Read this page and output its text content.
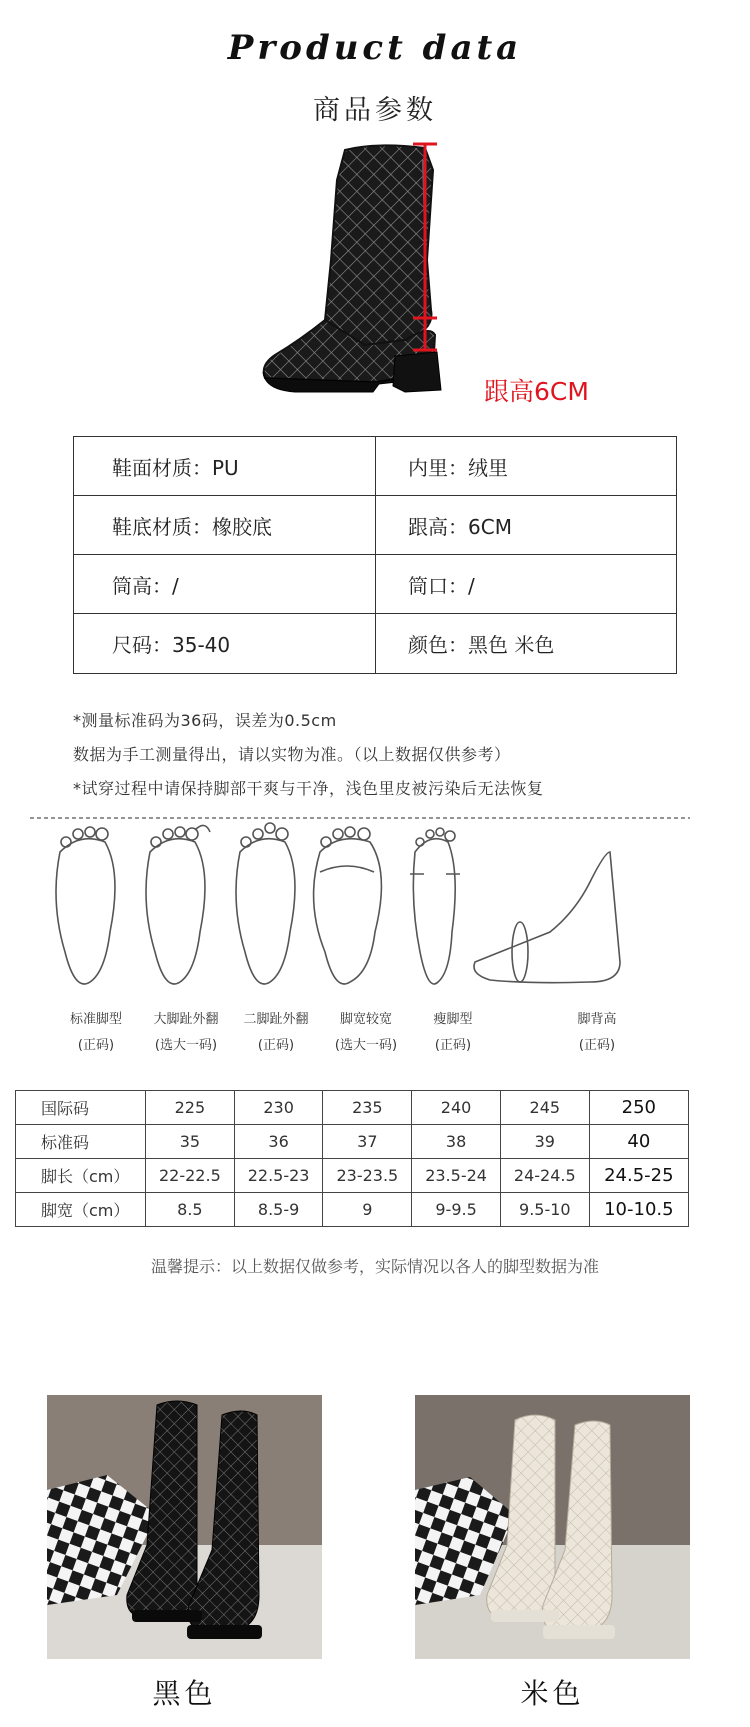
Product data
商品参数
跟高6CM
鞋面材质：PU	内里：绒里
鞋底材质：橡胶底	跟高：6CM
筒高：/	筒口：/
尺码：35-40	颜色：黑色 米色
*测量标准码为36码，误差为0.5cm
数据为手工测量得出，请以实物为准。（以上数据仅供参考）
*试穿过程中请保持脚部干爽与干净，浅色里皮被污染后无法恢复
标准脚型
(正码)
大脚趾外翻
(选大一码)
二脚趾外翻
(正码)
脚宽较宽
(选大一码)
瘦脚型
(正码)
脚背高
(正码)
国际码	225	230	235	240	245	250
标准码	35	36	37	38	39	40
脚长（cm）	22-22.5	22.5-23	23-23.5	23.5-24	24-24.5	24.5-25
脚宽（cm）	8.5	8.5-9	9	9-9.5	9.5-10	10-10.5
温馨提示：以上数据仅做参考，实际情况以各人的脚型数据为准
黑色	米色
